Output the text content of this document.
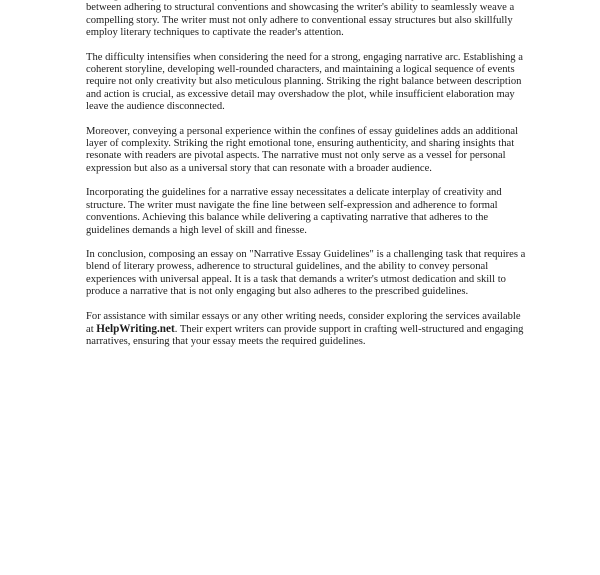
between adhering to structural conventions and showcasing the writer's ability to seamlessly weave a compelling story. The writer must not only adhere to conventional essay structures but also skillfully employ literary techniques to captivate the reader's attention.

The difficulty intensifies when considering the need for a strong, engaging narrative arc. Establishing a coherent storyline, developing well-rounded characters, and maintaining a logical sequence of events require not only creativity but also meticulous planning. Striking the right balance between description and action is crucial, as excessive detail may overshadow the plot, while insufficient elaboration may leave the audience disconnected.

Moreover, conveying a personal experience within the confines of essay guidelines adds an additional layer of complexity. Striking the right emotional tone, ensuring authenticity, and sharing insights that resonate with readers are pivotal aspects. The narrative must not only serve as a vessel for personal expression but also as a universal story that can resonate with a broader audience.

Incorporating the guidelines for a narrative essay necessitates a delicate interplay of creativity and structure. The writer must navigate the fine line between self-expression and adherence to formal conventions. Achieving this balance while delivering a captivating narrative that adheres to the guidelines demands a high level of skill and finesse.

In conclusion, composing an essay on "Narrative Essay Guidelines" is a challenging task that requires a blend of literary prowess, adherence to structural guidelines, and the ability to convey personal experiences with universal appeal. It is a task that demands a writer's utmost dedication and skill to produce a narrative that is not only engaging but also adheres to the prescribed guidelines.

For assistance with similar essays or any other writing needs, consider exploring the services available at HelpWriting.net. Their expert writers can provide support in crafting well-structured and engaging narratives, ensuring that your essay meets the required guidelines.
